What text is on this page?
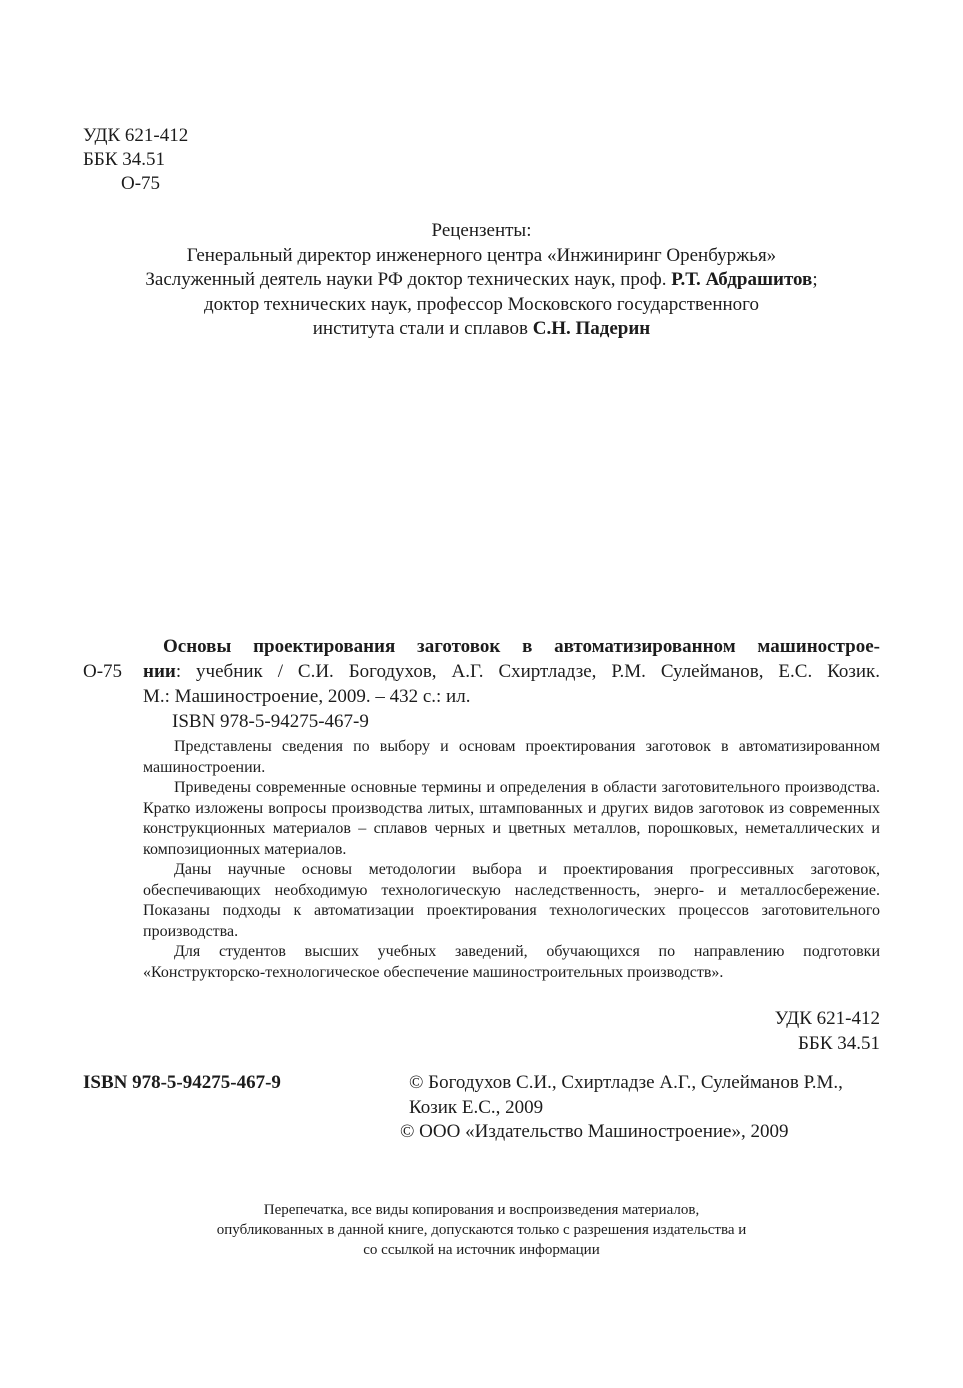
УДК 621-412
ББК 34.51
О-75
Рецензенты:
Генеральный директор инженерного центра «Инжиниринг Оренбуржья»
Заслуженный деятель науки РФ доктор технических наук, проф. Р.Т. Абдрашитов;
доктор технических наук, профессор Московского государственного
института стали и сплавов С.Н. Падерин
О-75
Основы проектирования заготовок в автоматизированном машинострое-
нии: учебник / С.И. Богодухов, А.Г. Схиртладзе, Р.М. Сулейманов, Е.С. Козик.
М.: Машиностроение, 2009. – 432 с.: ил.
ISBN 978-5-94275-467-9

Представлены сведения по выбору и основам проектирования заготовок в автоматизированном машиностроении.

Приведены современные основные термины и определения в области заготовительного производства. Кратко изложены вопросы производства литых, штампованных и других видов заготовок из современных конструкционных материалов – сплавов черных и цветных металлов, порошковых, неметаллических и композиционных материалов.

Даны научные основы методологии выбора и проектирования прогрессивных заготовок, обеспечивающих необходимую технологическую наследственность, энерго- и металлосбережение. Показаны подходы к автоматизации проектирования технологических процессов заготовительного производства.

Для студентов высших учебных заведений, обучающихся по направлению подготовки «Конструкторско-технологическое обеспечение машиностроительных производств».

УДК 621-412
ББК 34.51
ISBN 978-5-94275-467-9	© Богодухов С.И., Схиртладзе А.Г., Сулейманов Р.М.,
Козик Е.С., 2009
© ООО «Издательство Машиностроение», 2009
Перепечатка, все виды копирования и воспроизведения материалов,
опубликованных в данной книге, допускаются только с разрешения издательства и
со ссылкой на источник информации
